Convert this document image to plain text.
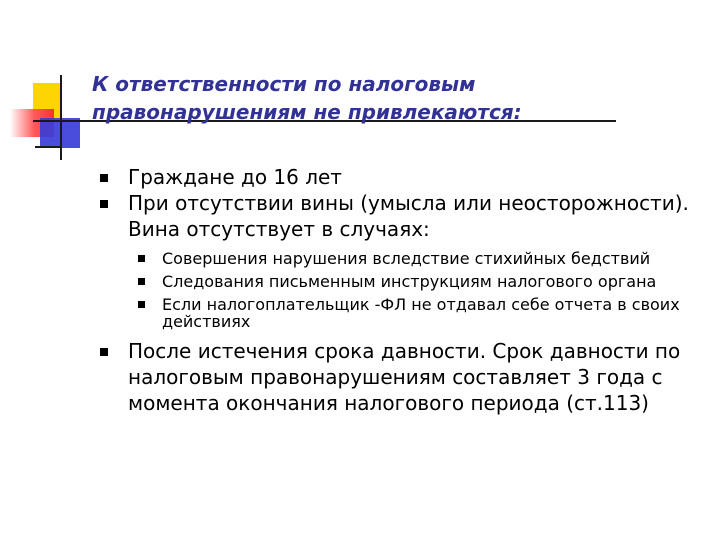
К ответственности по налоговым
правонарушениям не привлекаются:
Граждане до 16 лет
При отсутствии вины (умысла или неосторожности). Вина отсутствует в случаях:
Совершения нарушения вследствие стихийных бедствий
Следования письменным инструкциям налогового органа
Если налогоплательщик -ФЛ не отдавал себе отчета в своих действиях
После истечения срока давности. Срок давности по налоговым правонарушениям составляет 3 года с момента окончания налогового периода (ст.113)
